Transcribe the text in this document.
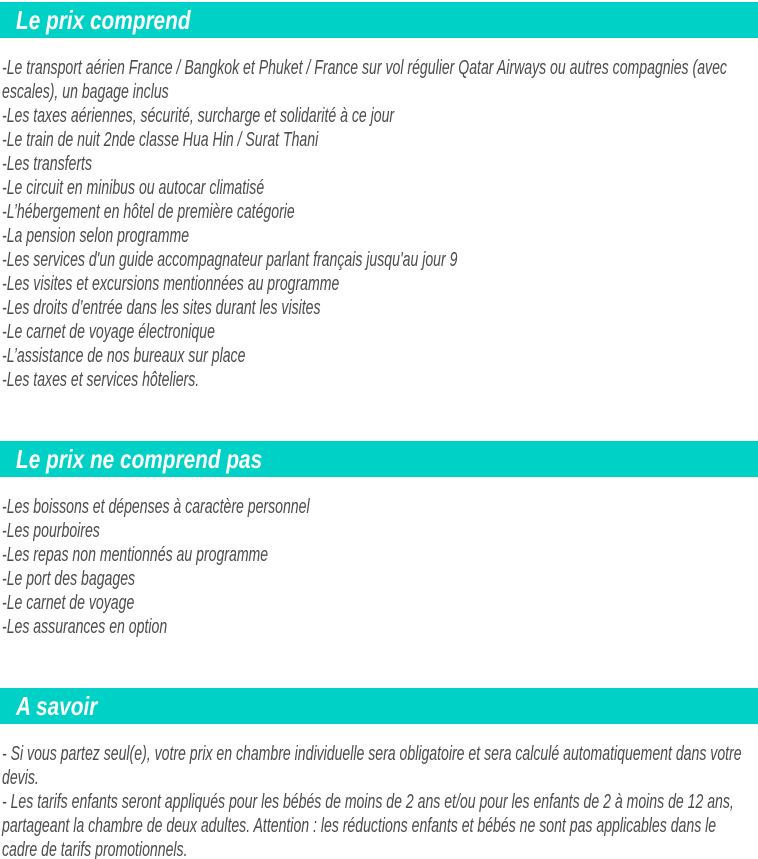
Le prix comprend

-Le transport aérien France / Bangkok et Phuket / France sur vol régulier Qatar Airways ou autres compagnies (avec escales), un bagage inclus

-Les taxes aériennes, sécurité, surcharge et solidarité à ce jour

-Le train de nuit 2nde classe Hua Hin / Surat Thani

-Les transferts

-Le circuit en minibus ou autocar climatisé

-L’hébergement en hôtel de première catégorie

-La pension selon programme

-Les services d'un guide accompagnateur parlant français jusqu'au jour 9

-Les visites et excursions mentionnées au programme

-Les droits d’entrée dans les sites durant les visites

-Le carnet de voyage électronique

-L’assistance de nos bureaux sur place

-Les taxes et services hôteliers.

Le prix ne comprend pas

-Les boissons et dépenses à caractère personnel

-Les pourboires

-Les repas non mentionnés au programme

-Le port des bagages

-Le carnet de voyage

-Les assurances en option

A savoir

- Si vous partez seul(e), votre prix en chambre individuelle sera obligatoire et sera calculé automatiquement dans votre devis.

- Les tarifs enfants seront appliqués pour les bébés de moins de 2 ans et/ou pour les enfants de 2 à moins de 12 ans, partageant la chambre de deux adultes. Attention : les réductions enfants et bébés ne sont pas applicables dans le cadre de tarifs promotionnels.
